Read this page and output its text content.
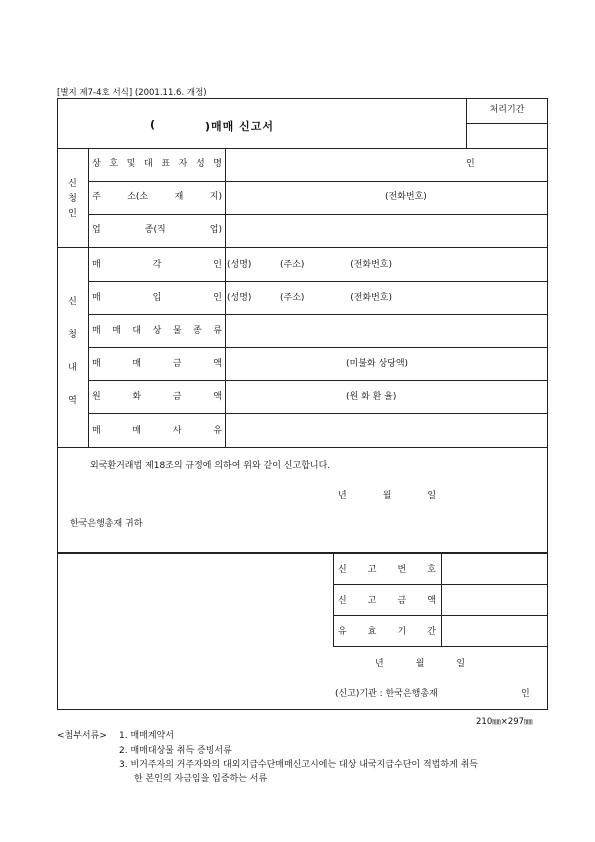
[별지 제7-4호 서식] (2001.11.6. 개정)
(	)매매 신고서
처리기간
신
청
인
상 호 및 대 표 자 성 명	인
주	소(소	재	지)	(전화번호)
업	종(직	업)
신
청
내
역
매	각	인 (성명)          (주소)                (전화번호)
매	입	인 (성명)          (주소)                (전화번호)
매 매 대 상 물 종 류
매	매	금	액	(미불화 상당액)
원	화	금	액	(원 화 환 율)
매	매	사	유
외국환거래법 제18조의 규정에 의하여 위와 같이 신고합니다.
년	월	일
한국은행총재 귀하
신 고 번 호
신 고 금 액
유 효 기 간
년	월	일
(신고)기관 : 한국은행총재	인
210㎜×297㎜
<첨부서류> 1. 매매계약서
2. 매매대상물 취득 증빙서류
3. 비거주자의 거주자와의 대외지급수단매매신고시에는 대상 내국지급수단이 적법하게 취득
한 본인의 자금임을 입증하는 서류
